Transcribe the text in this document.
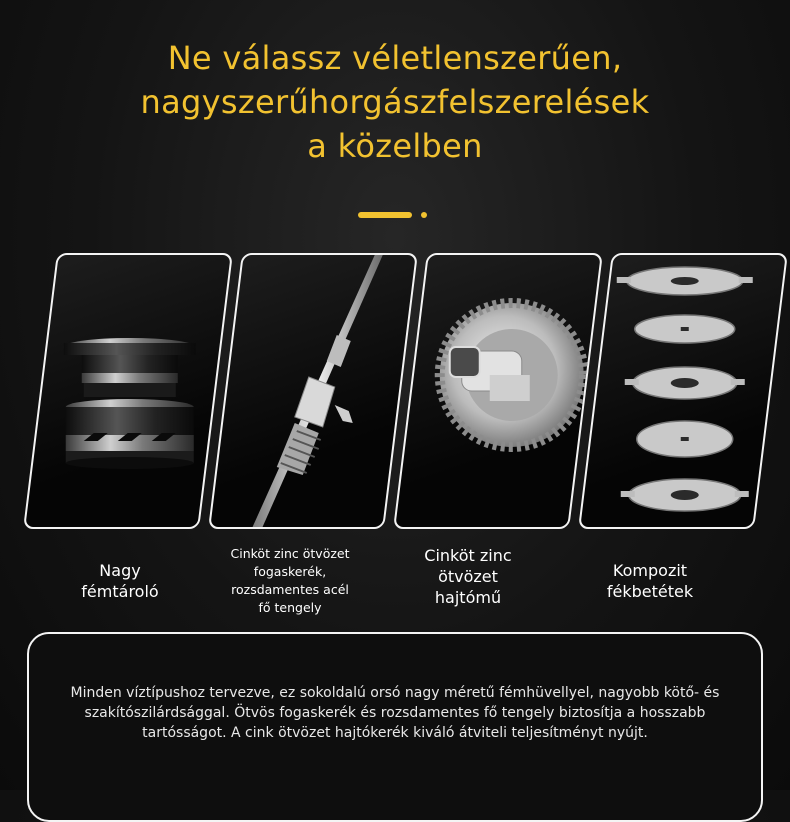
Ne válassz véletlenszerűen,
nagyszerűhorgászfelszerelések
a közelben

Nagy
fémtároló

Cinköt zinc ötvözet
fogaskerék,
rozsdamentes acél
fő tengely

Cinköt zinc
ötvözet
hajtómű

Kompozit
fékbetétek

Minden víztípushoz tervezve, ez sokoldalú orsó nagy méretű fémhüvellyel, nagyobb kötő- és szakítószilárdsággal. Ötvös fogaskerék és rozsdamentes fő tengely biztosítja a hosszabb tartósságot. A cink ötvözet hajtókerék kiváló átviteli teljesítményt nyújt.
